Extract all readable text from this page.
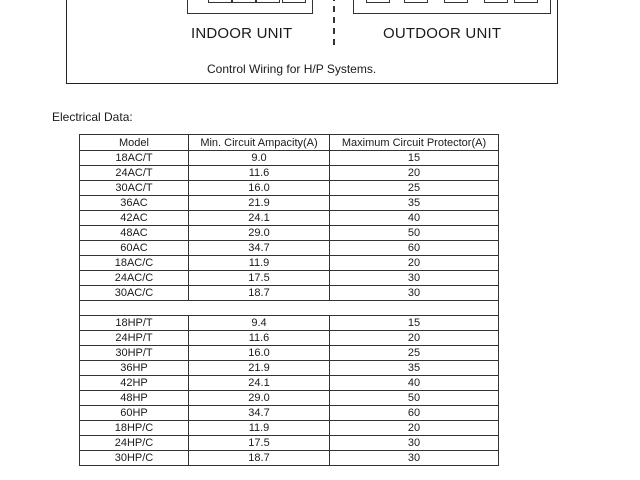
INDOOR UNIT	OUTDOOR UNIT
Control Wiring for H/P Systems.
Electrical Data:
Model	Min. Circuit Ampacity(A)	Maximum Circuit Protector(A)
18AC/T	9.0	15
24AC/T	11.6	20
30AC/T	16.0	25
36AC	21.9	35
42AC	24.1	40
48AC	29.0	50
60AC	34.7	60
18AC/C	11.9	20
24AC/C	17.5	30
30AC/C	18.7	30

18HP/T	9.4	15
24HP/T	11.6	20
30HP/T	16.0	25
36HP	21.9	35
42HP	24.1	40
48HP	29.0	50
60HP	34.7	60
18HP/C	11.9	20
24HP/C	17.5	30
30HP/C	18.7	30
